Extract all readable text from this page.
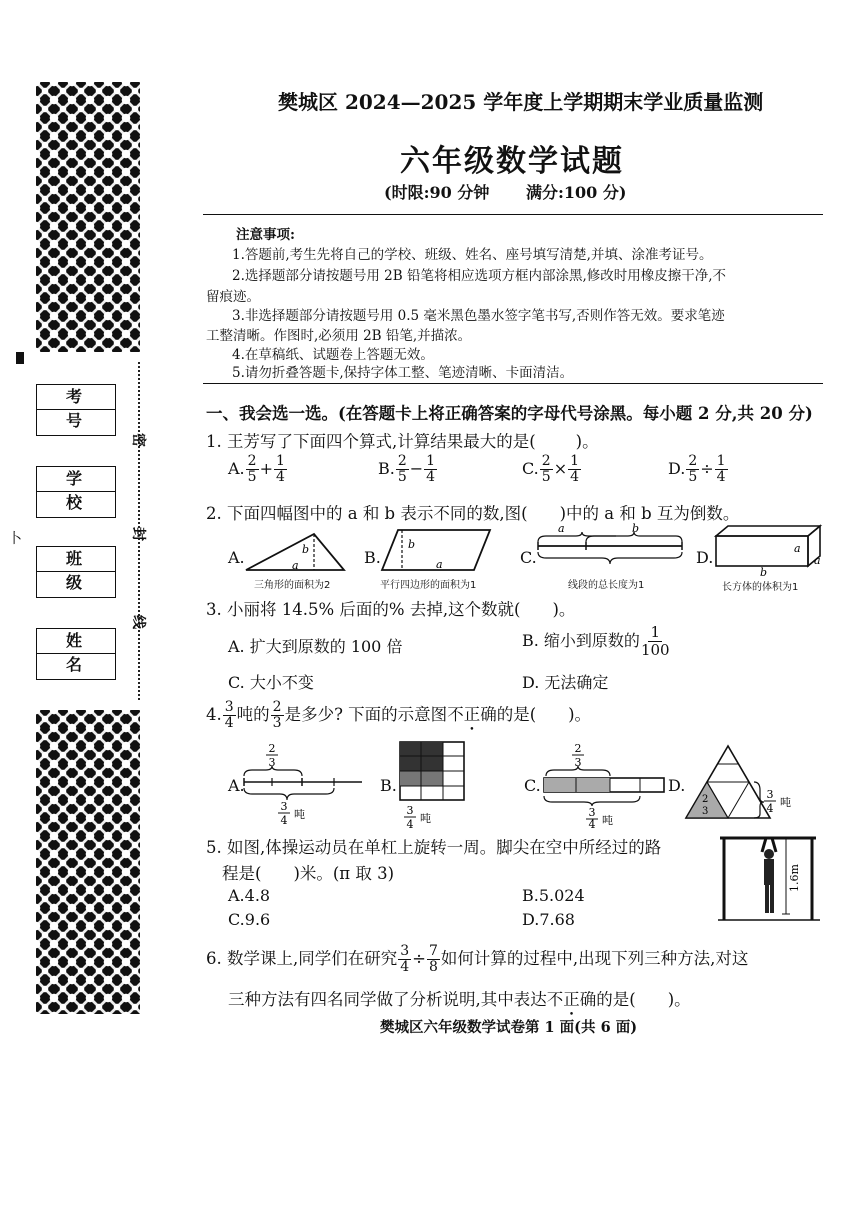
卜
考 号
学 校
班 级
姓 名
密
封
线
樊城区 2024—2025 学年度上学期期末学业质量监测
六年级数学试题
(时限:90 分钟 满分:100 分)
注意事项:
1.答题前,考生先将自己的学校、班级、姓名、座号填写清楚,并填、涂准考证号。
2.选择题部分请按题号用 2B 铅笔将相应选项方框内部涂黑,修改时用橡皮擦干净,不
留痕迹。
3.非选择题部分请按题号用 0.5 毫米黑色墨水签字笔书写,否则作答无效。要求笔迹
工整清晰。作图时,必须用 2B 铅笔,并描浓。
4.在草稿纸、试题卷上答题无效。
5.请勿折叠答题卡,保持字体工整、笔迹清晰、卡面清洁。
一、我会选一选。(在答题卡上将正确答案的字母代号涂黑。每小题 2 分,共 20 分)
1. 王芳写了下面四个算式,计算结果最大的是( )。
A. $\frac{2}{5} + \frac{1}{4}$	B. $\frac{2}{5} - \frac{1}{4}$	C. $\frac{2}{5} \times \frac{1}{4}$	D. $\frac{2}{5} \div \frac{1}{4}$
2. 下面四幅图中的 a 和 b 表示不同的数,图( )中的 a 和 b 互为倒数。
A.	b
a
三角形的面积为2
B.
b
a
平行四边形的面积为1
C.
a	b
线段的总长度为1
D.	a
a
b
长方体的体积为1
3. 小丽将 14.5% 后面的% 去掉,这个数就( )。
A. 扩大到原数的 100 倍	B. 缩小到原数的 $\frac{1}{100}$
C. 大小不变	D. 无法确定
4. $\frac{3}{4}$ 吨的 $\frac{2}{3}$ 是多少? 下面的示意图不正确的是( )。
A.
2
3
3
4 吨
B.
3
4 吨
C.
2
3
3
4 吨
D.
2
3
3
4 吨
5. 如图,体操运动员在单杠上旋转一周。脚尖在空中所经过的路
程是( )米。(π 取 3)
A.4.8	B.5.024
C.9.6	D.7.68
1.6m
6. 数学课上,同学们在研究 $\frac{3}{4} \div \frac{7}{8}$ 如何计算的过程中,出现下列三种方法,对这
三种方法有四名同学做了分析说明,其中表达不正确的是( )。
樊城区六年级数学试卷第 1 面(共 6 面)
